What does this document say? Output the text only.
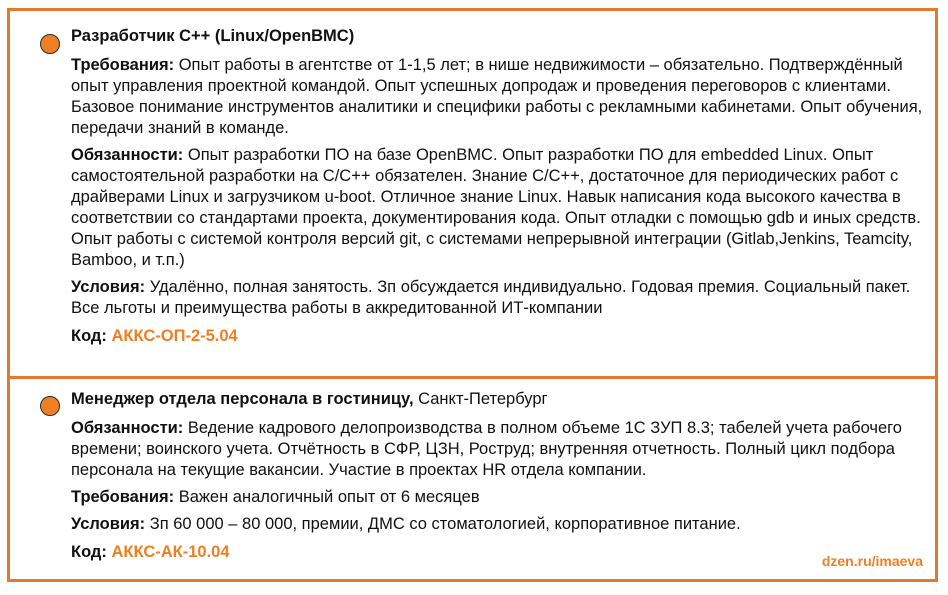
Разработчик С++ (Linux/OpenBMC)
Требования: Опыт работы в агентстве от 1-1,5 лет; в нише недвижимости – обязательно. Подтверждённый опыт управления проектной командой. Опыт успешных допродаж и проведения переговоров с клиентами. Базовое понимание инструментов аналитики и специфики работы с рекламными кабинетами. Опыт обучения, передачи знаний в команде.
Обязанности: Опыт разработки ПО на базе OpenBMC. Опыт разработки ПО для embedded Linux. Опыт самостоятельной разработки на C/C++ обязателен. Знание C/C++, достаточное для периодических работ с драйверами Linux и загрузчиком u-boot. Отличное знание Linux. Навык написания кода высокого качества в соответствии со стандартами проекта, документирования кода. Опыт отладки с помощью gdb и иных средств. Опыт работы с системой контроля версий git, с системами непрерывной интеграции (Gitlab,Jenkins, Teamcity, Bamboo, и т.п.)
Условия: Удалённо, полная занятость. Зп обсуждается индивидуально. Годовая премия. Социальный пакет. Все льготы и преимущества работы в аккредитованной ИТ-компании
Код: АККС-ОП-2-5.04
Менеджер отдела персонала в гостиницу, Санкт-Петербург
Обязанности: Ведение кадрового делопроизводства в полном объеме 1С ЗУП 8.3; табелей учета рабочего времени; воинского учета. Отчётность в СФР, ЦЗН, Роструд; внутренняя отчетность. Полный цикл подбора персонала на текущие вакансии. Участие в проектах HR отдела компании.
Требования: Важен аналогичный опыт от 6 месяцев
Условия: Зп 60 000 – 80 000, премии, ДМС со стоматологией, корпоративное питание.
Код: АККС-АК-10.04	dzen.ru/imaeva
